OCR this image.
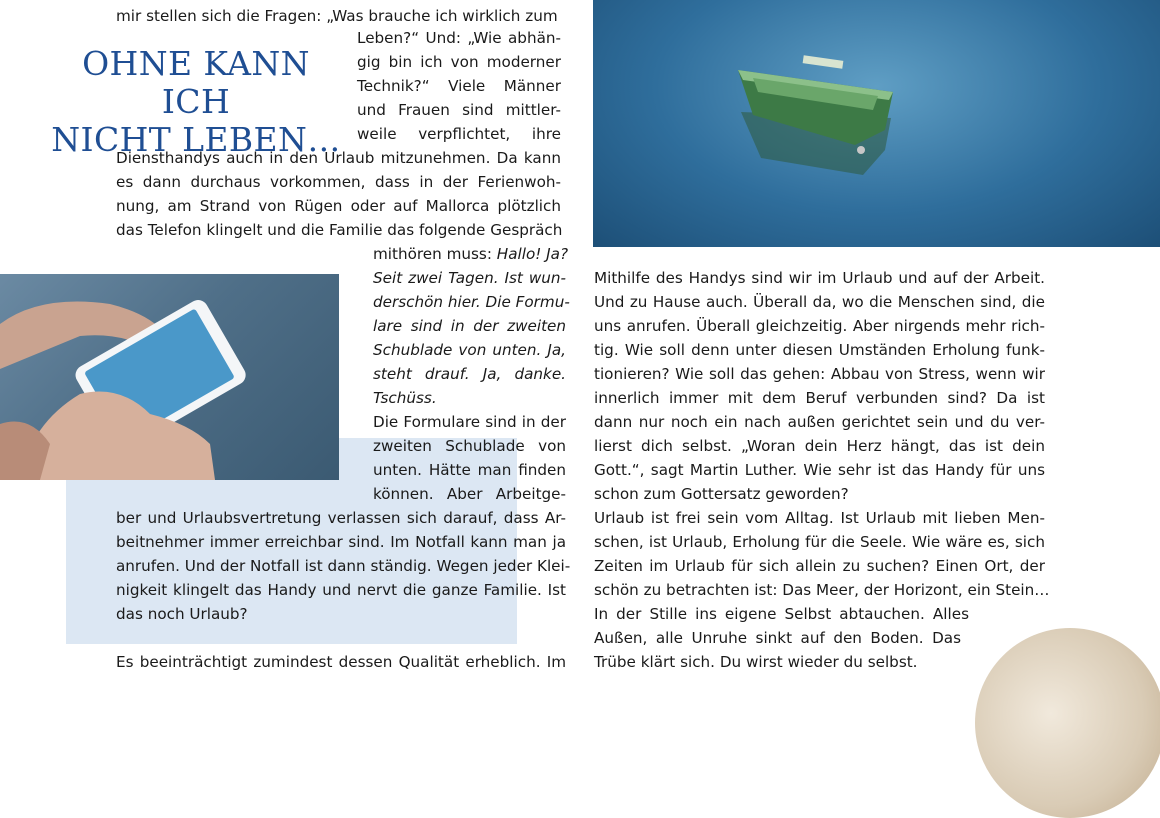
OHNE KANN ICH
NICHT LEBEN…
mir stellen sich die Fragen: „Was brauche ich wirklich zum
Leben?“ Und: „Wie abhän-
gig bin ich von moderner
Technik?“ Viele Männer
und Frauen sind mittler-
weile verpflichtet, ihre
Diensthandys auch in den Urlaub mitzunehmen. Da kann
es dann durchaus vorkommen, dass in der Ferienwoh-
nung, am Strand von Rügen oder auf Mallorca plötzlich
das Telefon klingelt und die Familie das folgende Gespräch
mithören muss: Hallo! Ja?
Seit zwei Tagen. Ist wun-
derschön hier. Die Formu-
lare sind in der zweiten
Schublade von unten. Ja,
steht drauf. Ja, danke.
Tschüss.
Die Formulare sind in der
zweiten Schublade von
unten. Hätte man finden
können. Aber Arbeitge-
ber und Urlaubsvertretung verlassen sich darauf, dass Ar-
beitnehmer immer erreichbar sind. Im Notfall kann man ja
anrufen. Und der Notfall ist dann ständig. Wegen jeder Klei-
nigkeit klingelt das Handy und nervt die ganze Familie. Ist
das noch Urlaub?
Es beeinträchtigt zumindest dessen Qualität erheblich. Im
Mithilfe des Handys sind wir im Urlaub und auf der Arbeit.
Und zu Hause auch. Überall da, wo die Menschen sind, die
uns anrufen. Überall gleichzeitig. Aber nirgends mehr rich-
tig. Wie soll denn unter diesen Umständen Erholung funk-
tionieren? Wie soll das gehen: Abbau von Stress, wenn wir
innerlich immer mit dem Beruf verbunden sind? Da ist
dann nur noch ein nach außen gerichtet sein und du ver-
lierst dich selbst. „Woran dein Herz hängt, das ist dein
Gott.“, sagt Martin Luther. Wie sehr ist das Handy für uns
schon zum Gottersatz geworden?
Urlaub ist frei sein vom Alltag. Ist Urlaub mit lieben Men-
schen, ist Urlaub, Erholung für die Seele. Wie wäre es, sich
Zeiten im Urlaub für sich allein zu suchen? Einen Ort, der
schön zu betrachten ist: Das Meer, der Horizont, ein Stein…
In der Stille ins eigene Selbst abtauchen. Alles
Außen, alle Unruhe sinkt auf den Boden. Das
Trübe klärt sich. Du wirst wieder du selbst.
